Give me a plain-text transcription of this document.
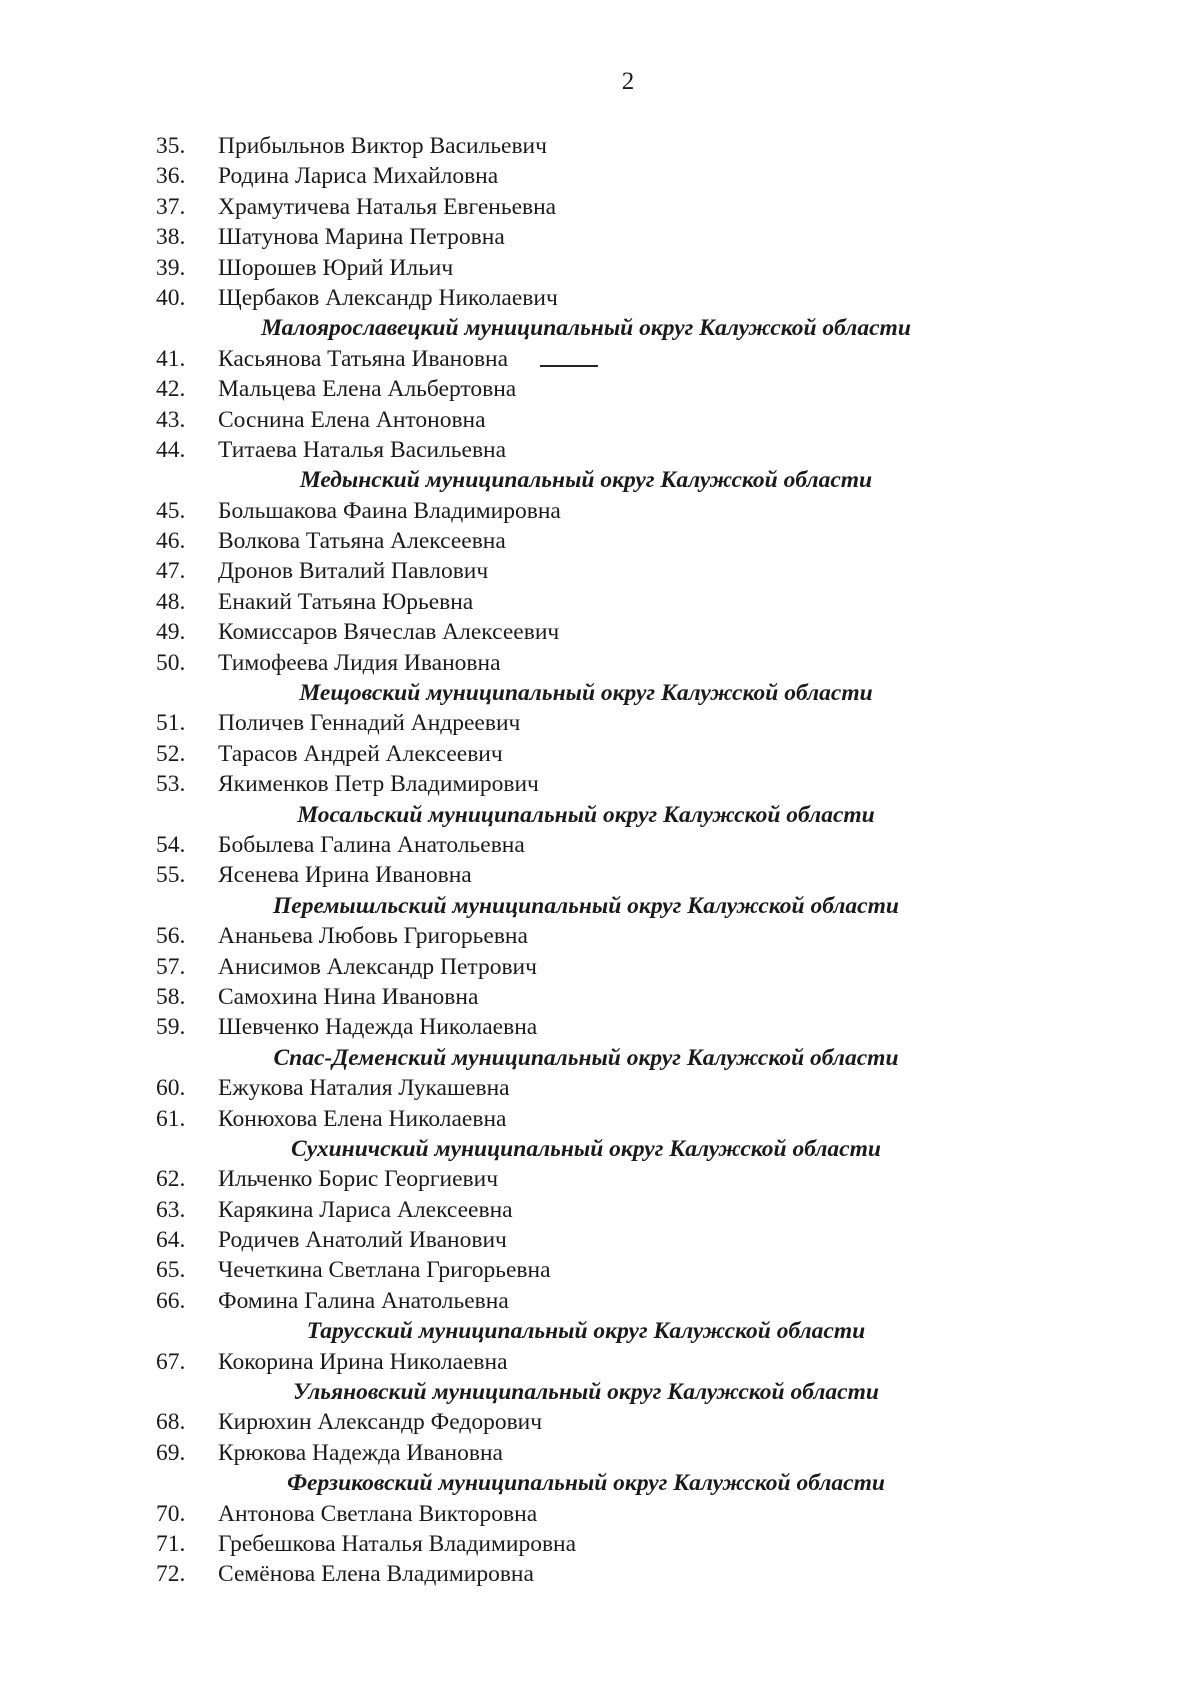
2
35.	Прибыльнов Виктор Васильевич
36.	Родина Лариса Михайловна
37.	Храмутичева Наталья Евгеньевна
38.	Шатунова Марина Петровна
39.	Шорошев Юрий Ильич
40.	Щербаков Александр Николаевич
Малоярославецкий муниципальный округ Калужской области
41.	Касьянова Татьяна Ивановна
42.	Мальцева Елена Альбертовна
43.	Соснина Елена Антоновна
44.	Титаева Наталья Васильевна
Медынский муниципальный округ Калужской области
45.	Большакова Фаина Владимировна
46.	Волкова Татьяна Алексеевна
47.	Дронов Виталий Павлович
48.	Енакий Татьяна Юрьевна
49.	Комиссаров Вячеслав Алексеевич
50.	Тимофеева Лидия Ивановна
Мещовский муниципальный округ Калужской области
51.	Поличев Геннадий Андреевич
52.	Тарасов Андрей Алексеевич
53.	Якименков Петр Владимирович
Мосальский муниципальный округ Калужской области
54.	Бобылева Галина Анатольевна
55.	Ясенева Ирина Ивановна
Перемышльский муниципальный округ Калужской области
56.	Ананьева Любовь Григорьевна
57.	Анисимов Александр Петрович
58.	Самохина Нина Ивановна
59.	Шевченко Надежда Николаевна
Спас-Деменский муниципальный округ Калужской области
60.	Ежукова Наталия Лукашевна
61.	Конюхова Елена Николаевна
Сухиничский муниципальный округ Калужской области
62.	Ильченко Борис Георгиевич
63.	Карякина Лариса Алексеевна
64.	Родичев Анатолий Иванович
65.	Чечеткина Светлана Григорьевна
66.	Фомина Галина Анатольевна
Тарусский муниципальный округ Калужской области
67.	Кокорина Ирина Николаевна
Ульяновский муниципальный округ Калужской области
68.	Кирюхин Александр Федорович
69.	Крюкова Надежда Ивановна
Ферзиковский муниципальный округ Калужской области
70.	Антонова Светлана Викторовна
71.	Гребешкова Наталья Владимировна
72.	Семёнова Елена Владимировна
